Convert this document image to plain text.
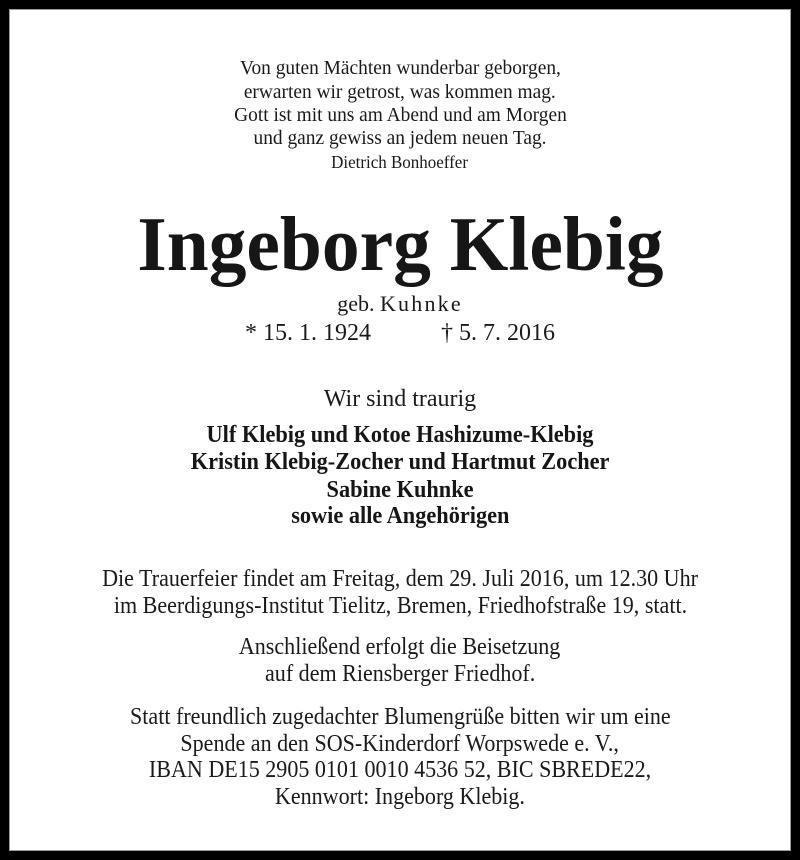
Von guten Mächten wunderbar geborgen,
erwarten wir getrost, was kommen mag.
Gott ist mit uns am Abend und am Morgen
und ganz gewiss an jedem neuen Tag.
Dietrich Bonhoeffer
Ingeborg Klebig
geb. Kuhnke
* 15. 1. 1924	† 5. 7. 2016
Wir sind traurig
Ulf Klebig und Kotoe Hashizume-Klebig
Kristin Klebig-Zocher und Hartmut Zocher
Sabine Kuhnke
sowie alle Angehörigen
Die Trauerfeier findet am Freitag, dem 29. Juli 2016, um 12.30 Uhr
im Beerdigungs-Institut Tielitz, Bremen, Friedhofstraße 19, statt.
Anschließend erfolgt die Beisetzung
auf dem Riensberger Friedhof.
Statt freundlich zugedachter Blumengrüße bitten wir um eine
Spende an den SOS-Kinderdorf Worpswede e. V.,
IBAN DE15 2905 0101 0010 4536 52, BIC SBREDE22,
Kennwort: Ingeborg Klebig.
